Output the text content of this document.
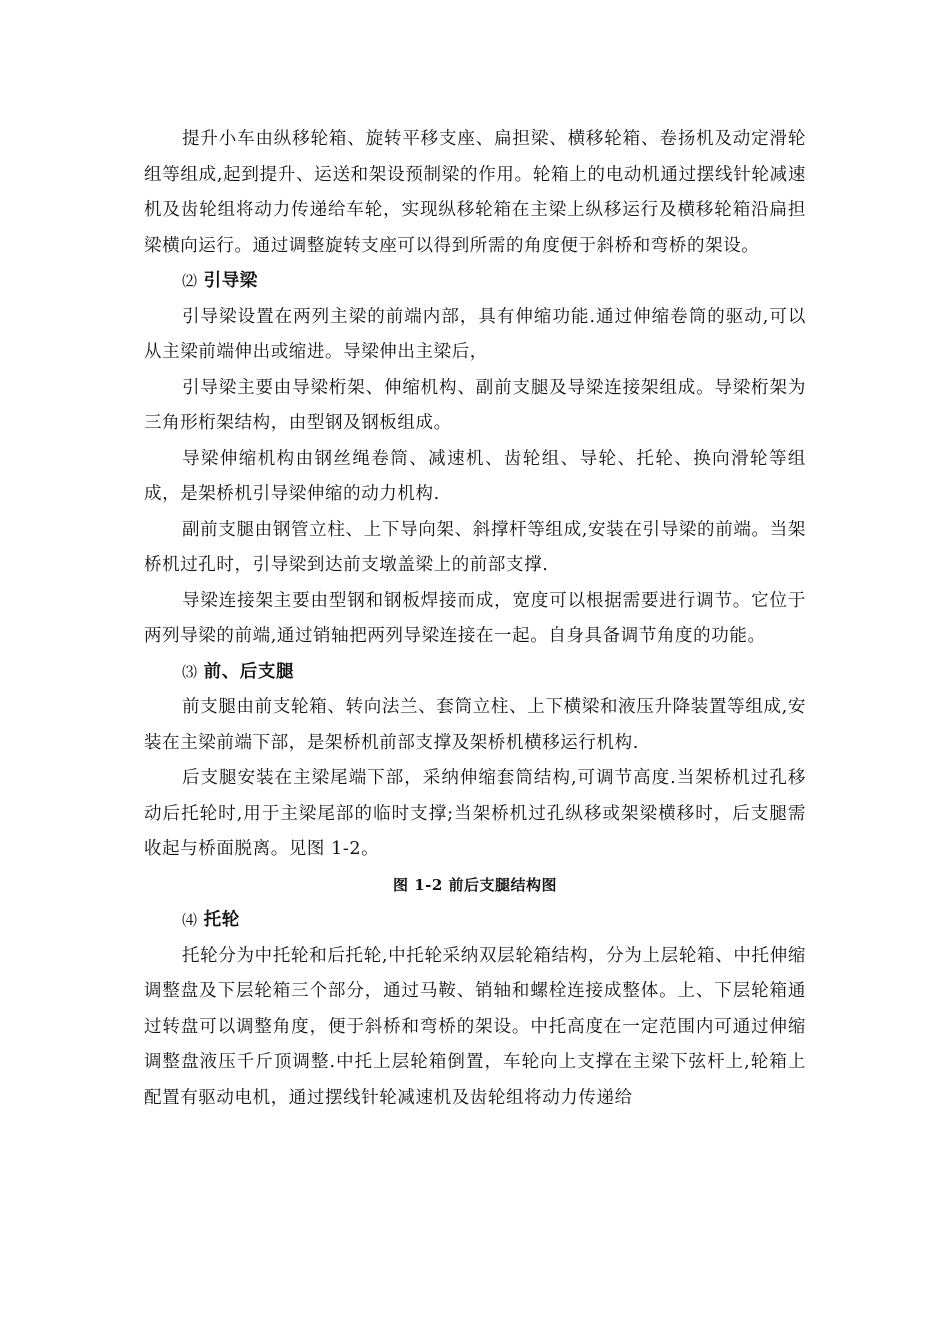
提升小车由纵移轮箱、旋转平移支座、扁担梁、横移轮箱、卷扬机及动定滑轮组等组成,起到提升、运送和架设预制梁的作用。轮箱上的电动机通过摆线针轮减速机及齿轮组将动力传递给车轮，实现纵移轮箱在主梁上纵移运行及横移轮箱沿扁担梁横向运行。通过调整旋转支座可以得到所需的角度便于斜桥和弯桥的架设。

⑵ 引导梁

引导梁设置在两列主梁的前端内部，具有伸缩功能.通过伸缩卷筒的驱动,可以从主梁前端伸出或缩进。导梁伸出主梁后，

引导梁主要由导梁桁架、伸缩机构、副前支腿及导梁连接架组成。导梁桁架为三角形桁架结构，由型钢及钢板组成。

导梁伸缩机构由钢丝绳卷筒、减速机、齿轮组、导轮、托轮、换向滑轮等组成，是架桥机引导梁伸缩的动力机构.

副前支腿由钢管立柱、上下导向架、斜撑杆等组成,安装在引导梁的前端。当架桥机过孔时，引导梁到达前支墩盖梁上的前部支撑.

导梁连接架主要由型钢和钢板焊接而成，宽度可以根据需要进行调节。它位于两列导梁的前端,通过销轴把两列导梁连接在一起。自身具备调节角度的功能。

⑶ 前、后支腿

前支腿由前支轮箱、转向法兰、套筒立柱、上下横梁和液压升降装置等组成,安装在主梁前端下部，是架桥机前部支撑及架桥机横移运行机构.

后支腿安装在主梁尾端下部，采纳伸缩套筒结构,可调节高度.当架桥机过孔移动后托轮时,用于主梁尾部的临时支撑;当架桥机过孔纵移或架梁横移时，后支腿需收起与桥面脱离。见图 1-2。

图 1-2 前后支腿结构图

⑷ 托轮

托轮分为中托轮和后托轮,中托轮采纳双层轮箱结构，分为上层轮箱、中托伸缩调整盘及下层轮箱三个部分，通过马鞍、销轴和螺栓连接成整体。上、下层轮箱通过转盘可以调整角度，便于斜桥和弯桥的架设。中托高度在一定范围内可通过伸缩调整盘液压千斤顶调整.中托上层轮箱倒置，车轮向上支撑在主梁下弦杆上,轮箱上配置有驱动电机，通过摆线针轮减速机及齿轮组将动力传递给
